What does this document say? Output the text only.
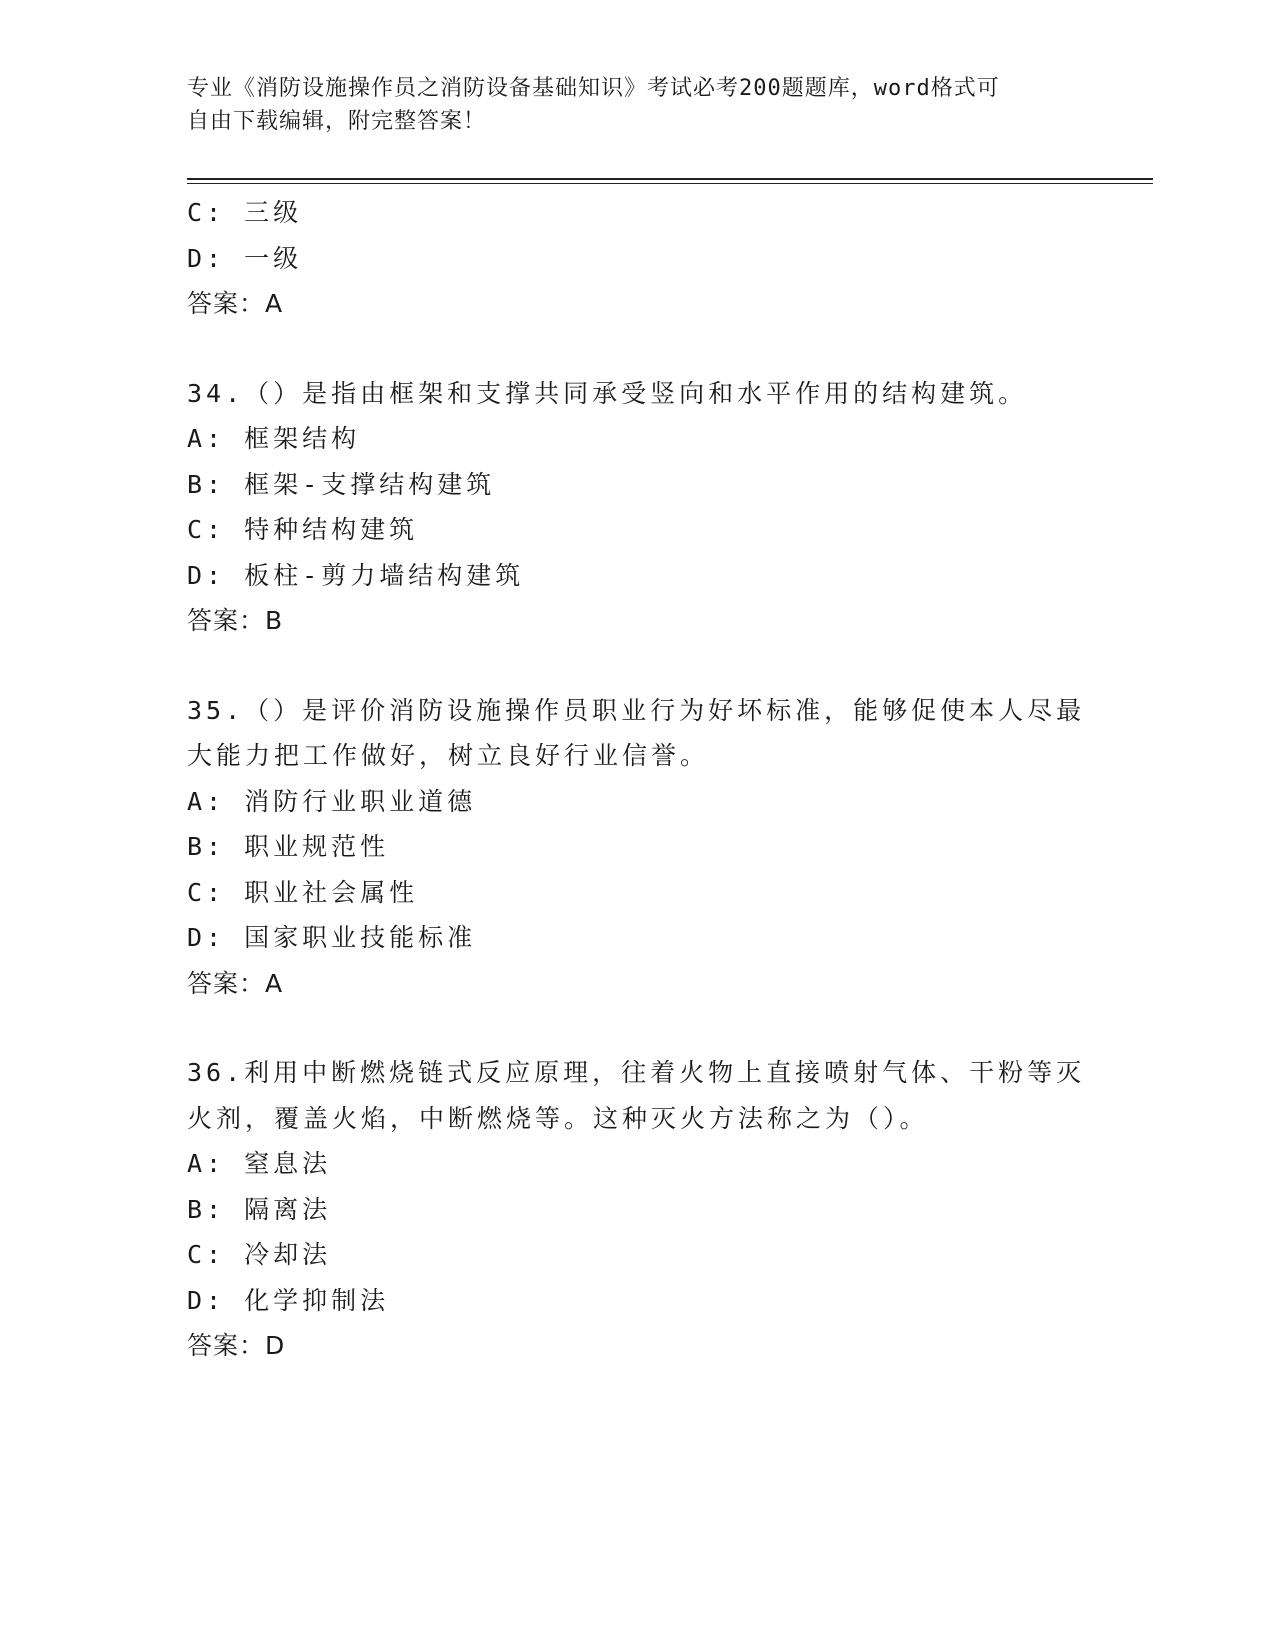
专业《消防设施操作员之消防设备基础知识》考试必考200题题库，word格式可
自由下载编辑，附完整答案！
C: 三级
D: 一级
答案：A
34.（）是指由框架和支撑共同承受竖向和水平作用的结构建筑。
A: 框架结构
B: 框架-支撑结构建筑
C: 特种结构建筑
D: 板柱-剪力墙结构建筑
答案：B
35.（）是评价消防设施操作员职业行为好坏标准，能够促使本人尽最
大能力把工作做好，树立良好行业信誉。
A: 消防行业职业道德
B: 职业规范性
C: 职业社会属性
D: 国家职业技能标准
答案：A
36.利用中断燃烧链式反应原理，往着火物上直接喷射气体、干粉等灭
火剂，覆盖火焰，中断燃烧等。这种灭火方法称之为（）。
A: 窒息法
B: 隔离法
C: 冷却法
D: 化学抑制法
答案：D
